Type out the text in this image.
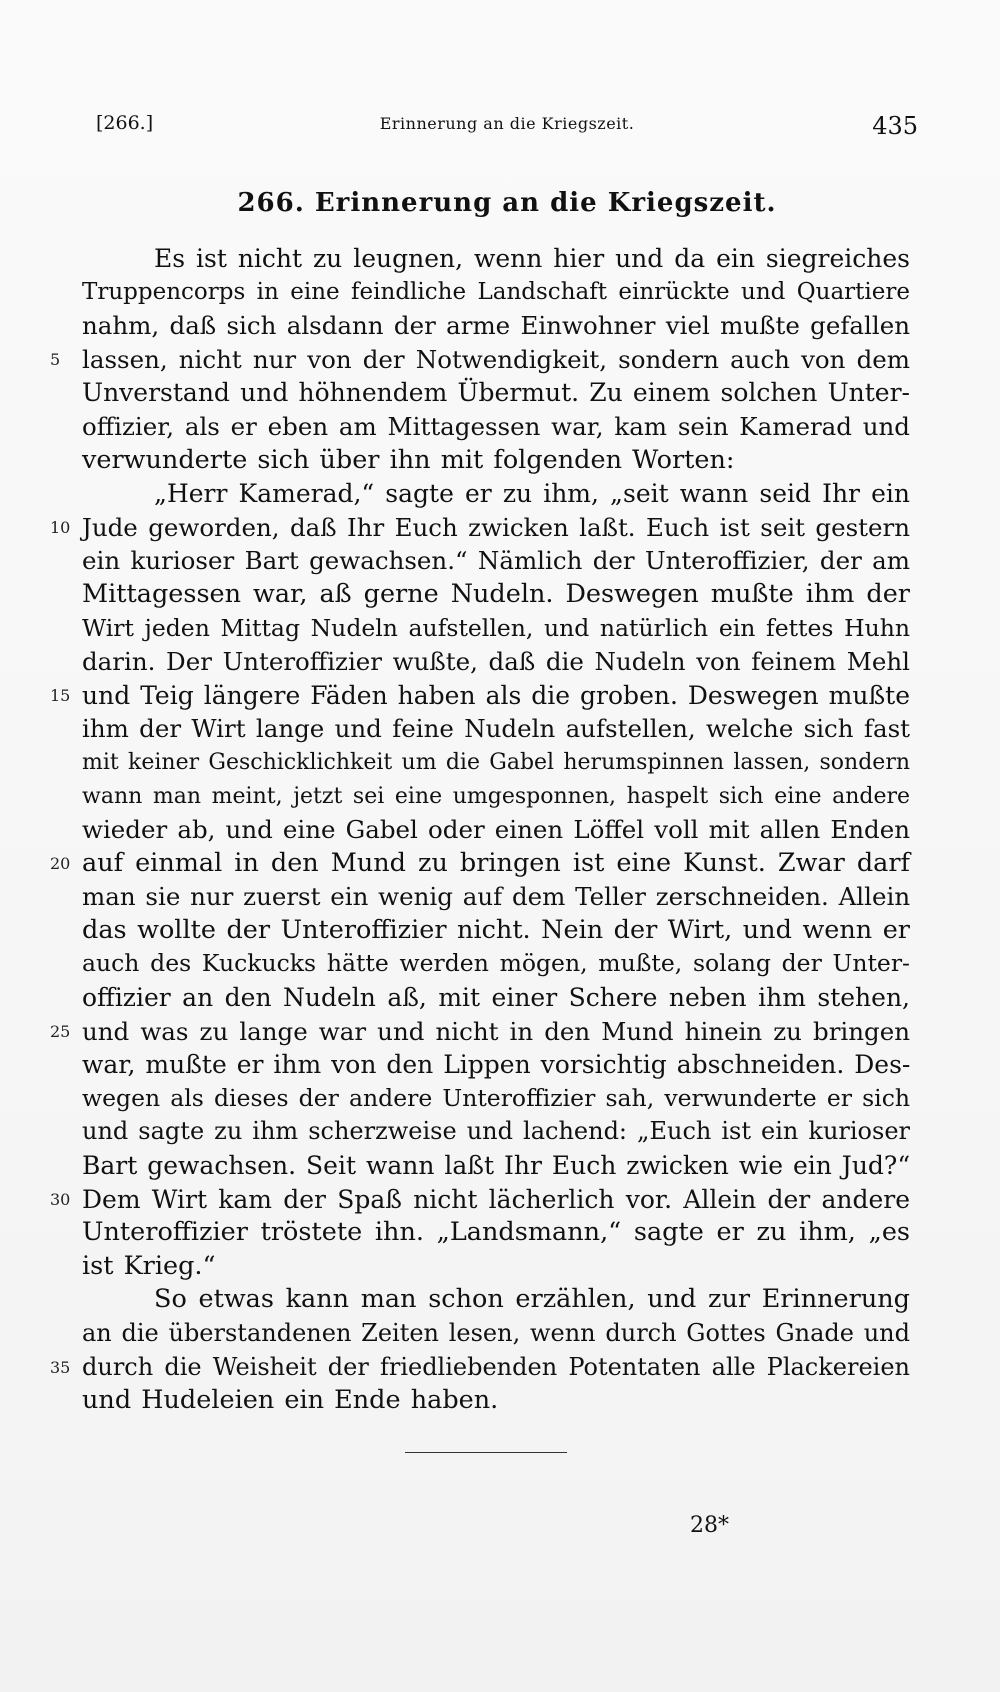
[266.]	Erinnerung an die Kriegszeit.	435
266. Erinnerung an die Kriegszeit.
Es ist nicht zu leugnen, wenn hier und da ein siegreiches
Truppencorps in eine feindliche Landschaft einrückte und Quartiere
nahm, daß sich alsdann der arme Einwohner viel mußte gefallen
5 lassen, nicht nur von der Notwendigkeit, sondern auch von dem
Unverstand und höhnendem Übermut. Zu einem solchen Unter-
offizier, als er eben am Mittagessen war, kam sein Kamerad und
verwunderte sich über ihn mit folgenden Worten:
„Herr Kamerad,“ sagte er zu ihm, „seit wann seid Ihr ein
10 Jude geworden, daß Ihr Euch zwicken laßt. Euch ist seit gestern
ein kurioser Bart gewachsen.“ Nämlich der Unteroffizier, der am
Mittagessen war, aß gerne Nudeln. Deswegen mußte ihm der
Wirt jeden Mittag Nudeln aufstellen, und natürlich ein fettes Huhn
darin. Der Unteroffizier wußte, daß die Nudeln von feinem Mehl
15 und Teig längere Fäden haben als die groben. Deswegen mußte
ihm der Wirt lange und feine Nudeln aufstellen, welche sich fast
mit keiner Geschicklichkeit um die Gabel herumspinnen lassen, sondern
wann man meint, jetzt sei eine umgesponnen, haspelt sich eine andere
wieder ab, und eine Gabel oder einen Löffel voll mit allen Enden
20 auf einmal in den Mund zu bringen ist eine Kunst. Zwar darf
man sie nur zuerst ein wenig auf dem Teller zerschneiden. Allein
das wollte der Unteroffizier nicht. Nein der Wirt, und wenn er
auch des Kuckucks hätte werden mögen, mußte, solang der Unter-
offizier an den Nudeln aß, mit einer Schere neben ihm stehen,
25 und was zu lange war und nicht in den Mund hinein zu bringen
war, mußte er ihm von den Lippen vorsichtig abschneiden. Des-
wegen als dieses der andere Unteroffizier sah, verwunderte er sich
und sagte zu ihm scherzweise und lachend: „Euch ist ein kurioser
Bart gewachsen. Seit wann laßt Ihr Euch zwicken wie ein Jud?“
30 Dem Wirt kam der Spaß nicht lächerlich vor. Allein der andere
Unteroffizier tröstete ihn. „Landsmann,“ sagte er zu ihm, „es
ist Krieg.“
So etwas kann man schon erzählen, und zur Erinnerung
an die überstandenen Zeiten lesen, wenn durch Gottes Gnade und
35 durch die Weisheit der friedliebenden Potentaten alle Plackereien
und Hudeleien ein Ende haben.
28*
